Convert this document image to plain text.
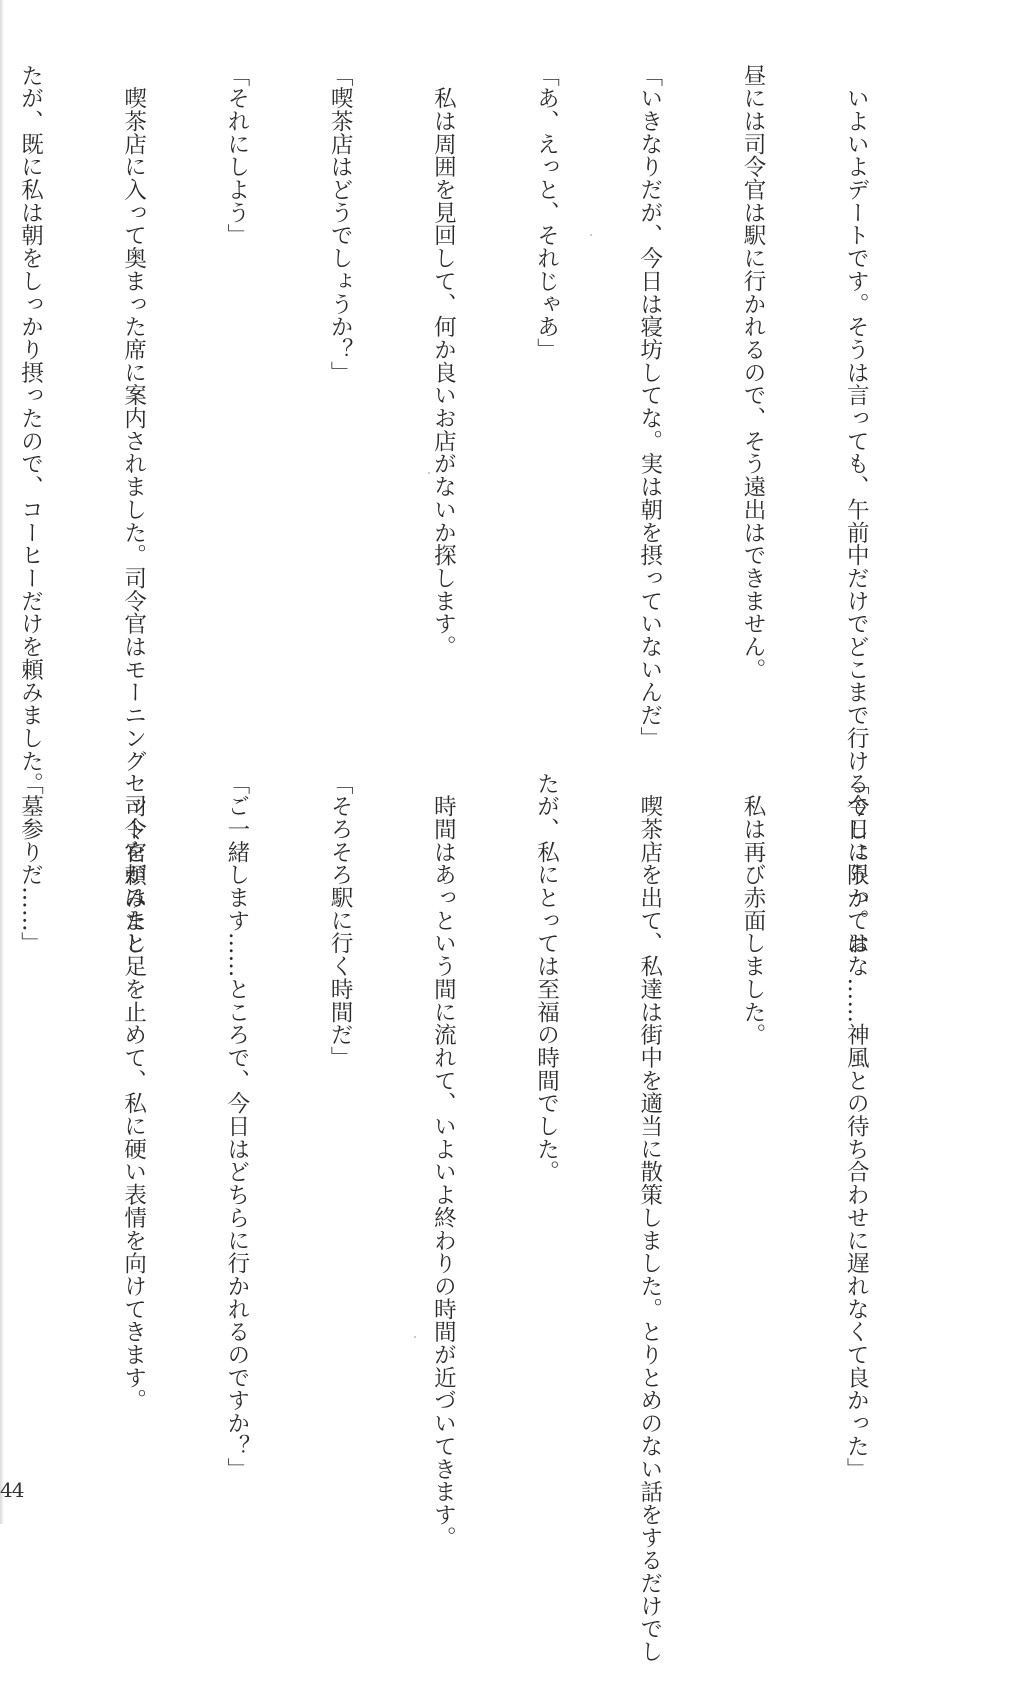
　いよいよデートです。そうは言っても、午前中だけでどこまで行けるでしょうか。お

昼には司令官は駅に行かれるので、そう遠出はできません。

「いきなりだが、今日は寝坊してな。実は朝を摂っていないんだ」

「あ、えっと、それじゃあ」

　私は周囲を見回して、何か良いお店がないか探します。

「喫茶店はどうでしょうか？」

「それにしよう」

　喫茶店に入って奥まった席に案内されました。司令官はモーニングセットを頼みまし

たが、既に私は朝をしっかり摂ったので、コーヒーだけを頼みました。

「今日に限ってはな……神風との待ち合わせに遅れなくて良かった」

　私は再び赤面しました。

　喫茶店を出て、私達は街中を適当に散策しました。とりとめのない話をするだけでし

たが、私にとっては至福の時間でした。

　時間はあっという間に流れて、いよいよ終わりの時間が近づいてきます。

「そろそろ駅に行く時間だ」

「ご一緒します……ところで、今日はどちらに行かれるのですか？」

　司令官がはたと足を止めて、私に硬い表情を向けてきます。

「墓参りだ……」

44
